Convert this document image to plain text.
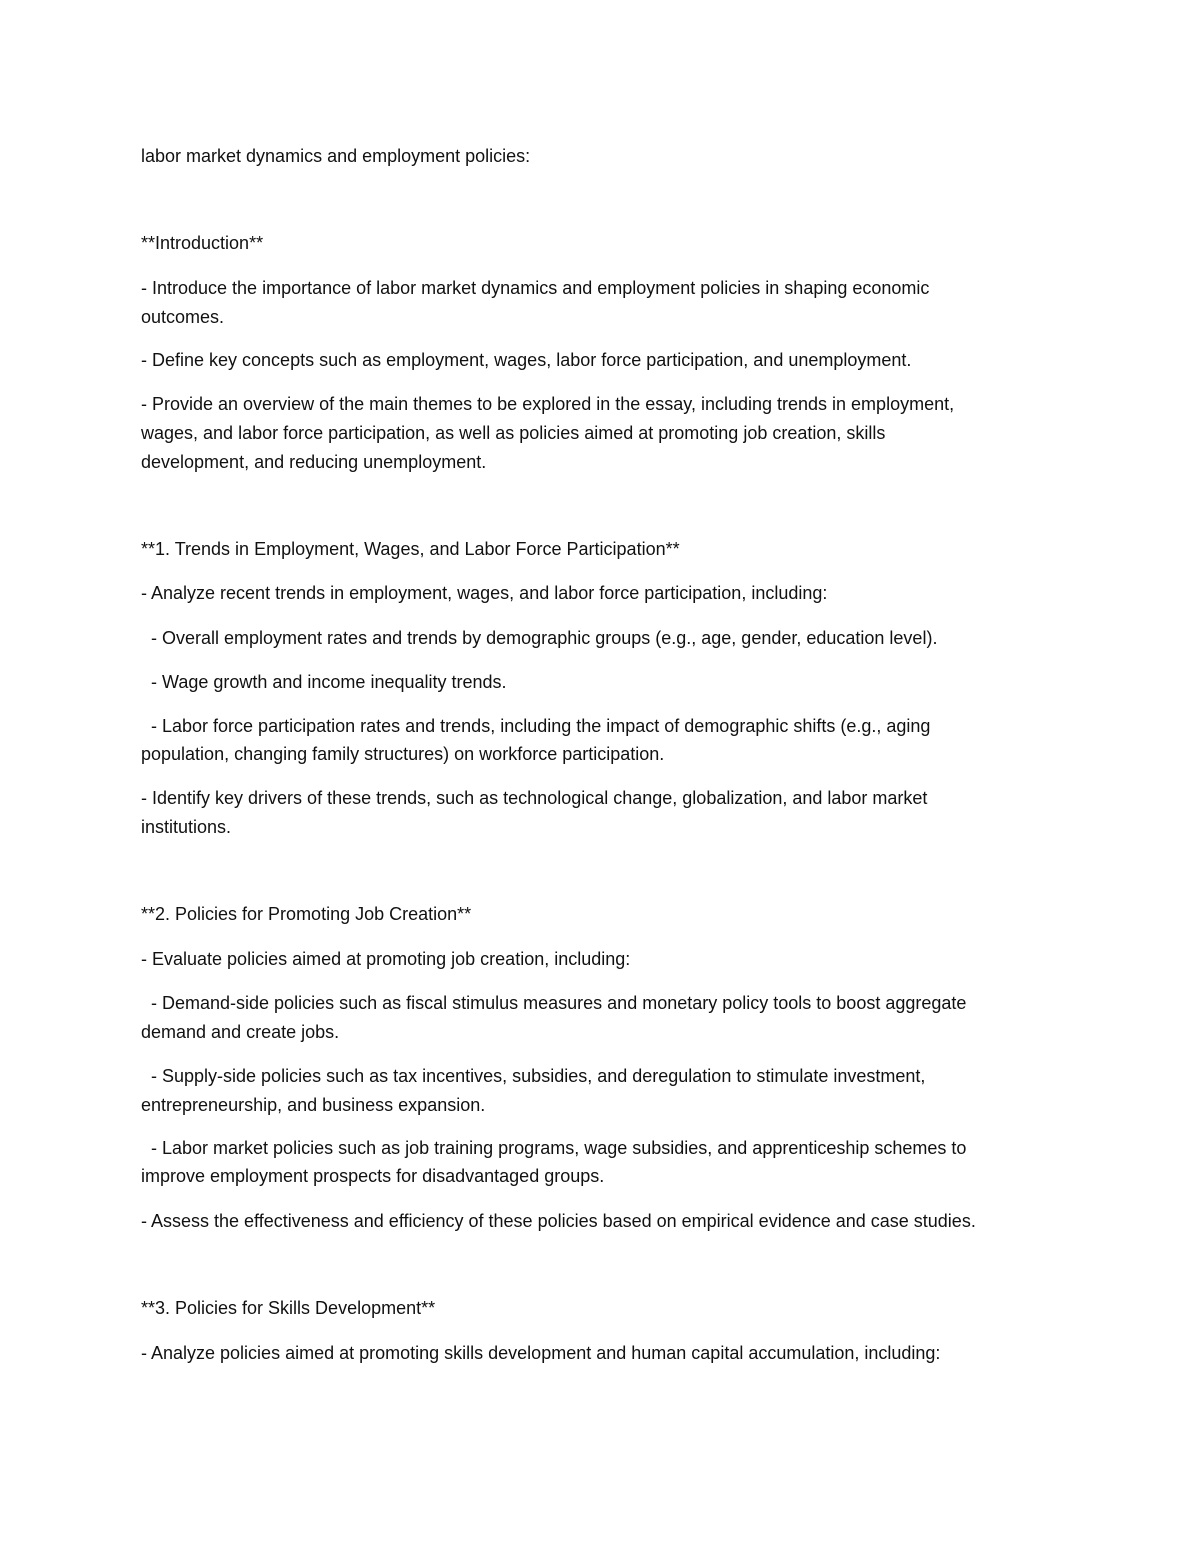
labor market dynamics and employment policies:
**Introduction**
- Introduce the importance of labor market dynamics and employment policies in shaping economic
outcomes.
- Define key concepts such as employment, wages, labor force participation, and unemployment.
- Provide an overview of the main themes to be explored in the essay, including trends in employment,
wages, and labor force participation, as well as policies aimed at promoting job creation, skills
development, and reducing unemployment.
**1. Trends in Employment, Wages, and Labor Force Participation**
- Analyze recent trends in employment, wages, and labor force participation, including:
- Overall employment rates and trends by demographic groups (e.g., age, gender, education level).
- Wage growth and income inequality trends.
- Labor force participation rates and trends, including the impact of demographic shifts (e.g., aging
population, changing family structures) on workforce participation.
- Identify key drivers of these trends, such as technological change, globalization, and labor market
institutions.
**2. Policies for Promoting Job Creation**
- Evaluate policies aimed at promoting job creation, including:
- Demand-side policies such as fiscal stimulus measures and monetary policy tools to boost aggregate
demand and create jobs.
- Supply-side policies such as tax incentives, subsidies, and deregulation to stimulate investment,
entrepreneurship, and business expansion.
- Labor market policies such as job training programs, wage subsidies, and apprenticeship schemes to
improve employment prospects for disadvantaged groups.
- Assess the effectiveness and efficiency of these policies based on empirical evidence and case studies.
**3. Policies for Skills Development**
- Analyze policies aimed at promoting skills development and human capital accumulation, including:
